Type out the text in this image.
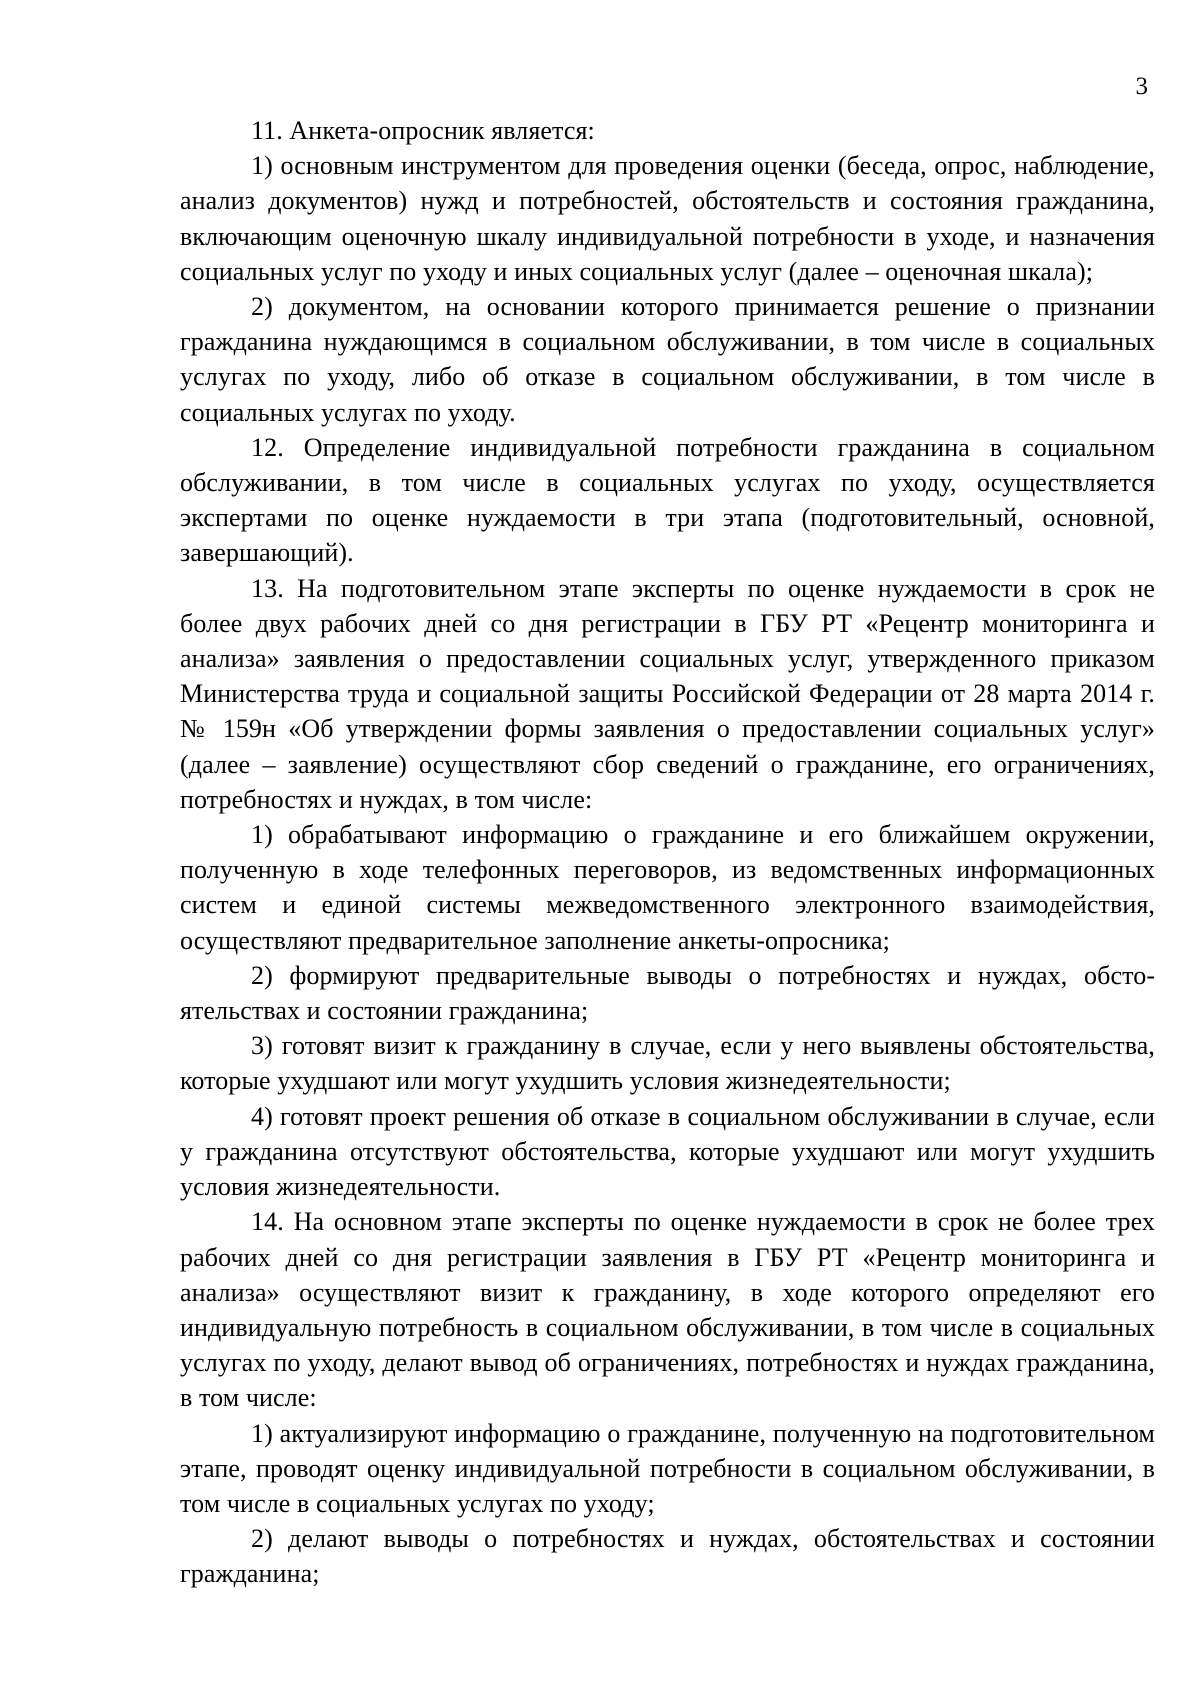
3

11. Анкета-опросник является:

1) основным инструментом для проведения оценки (беседа, опрос, наблюдение, анализ документов) нужд и потребностей, обстоятельств и состояния гражданина, включающим оценочную шкалу индивидуальной потребности в уходе, и назначения социальных услуг по уходу и иных социальных услуг (далее – оценочная шкала);

2) документом, на основании которого принимается решение о признании гражданина нуждающимся в социальном обслуживании, в том числе в социальных услугах по уходу, либо об отказе в социальном обслуживании, в том числе в социальных услугах по уходу.

12. Определение индивидуальной потребности гражданина в социальном обслуживании, в том числе в социальных услугах по уходу, осуществляется экспертами по оценке нуждаемости в три этапа (подготовительный, основной, завершающий).

13. На подготовительном этапе эксперты по оценке нуждаемости в срок не более двух рабочих дней со дня регистрации в ГБУ РТ «Рецентр мониторинга и анализа» заявления о предоставлении социальных услуг, утвержденного приказом Министерства труда и социальной защиты Российской Федерации от 28 марта 2014 г. № 159н «Об утверждении формы заявления о предоставлении социальных услуг» (далее – заявление) осуществляют сбор сведений о гражданине, его ограничениях, потребностях и нуждах, в том числе:

1) обрабатывают информацию о гражданине и его ближайшем окружении, полученную в ходе телефонных переговоров, из ведомственных информационных систем и единой системы межведомственного электронного взаимодействия, осуществляют предварительное заполнение анкеты-опросника;

2) формируют предварительные выводы о потребностях и нуждах, обстоятельствах и состоянии гражданина;

3) готовят визит к гражданину в случае, если у него выявлены обстоятельства, которые ухудшают или могут ухудшить условия жизнедеятельности;

4) готовят проект решения об отказе в социальном обслуживании в случае, если у гражданина отсутствуют обстоятельства, которые ухудшают или могут ухудшить условия жизнедеятельности.

14. На основном этапе эксперты по оценке нуждаемости в срок не более трех рабочих дней со дня регистрации заявления в ГБУ РТ «Рецентр мониторинга и анализа» осуществляют визит к гражданину, в ходе которого определяют его индивидуальную потребность в социальном обслуживании, в том числе в социальных услугах по уходу, делают вывод об ограничениях, потребностях и нуждах гражданина, в том числе:

1) актуализируют информацию о гражданине, полученную на подготовительном этапе, проводят оценку индивидуальной потребности в социальном обслуживании, в том числе в социальных услугах по уходу;

2) делают выводы о потребностях и нуждах, обстоятельствах и состоянии гражданина;
